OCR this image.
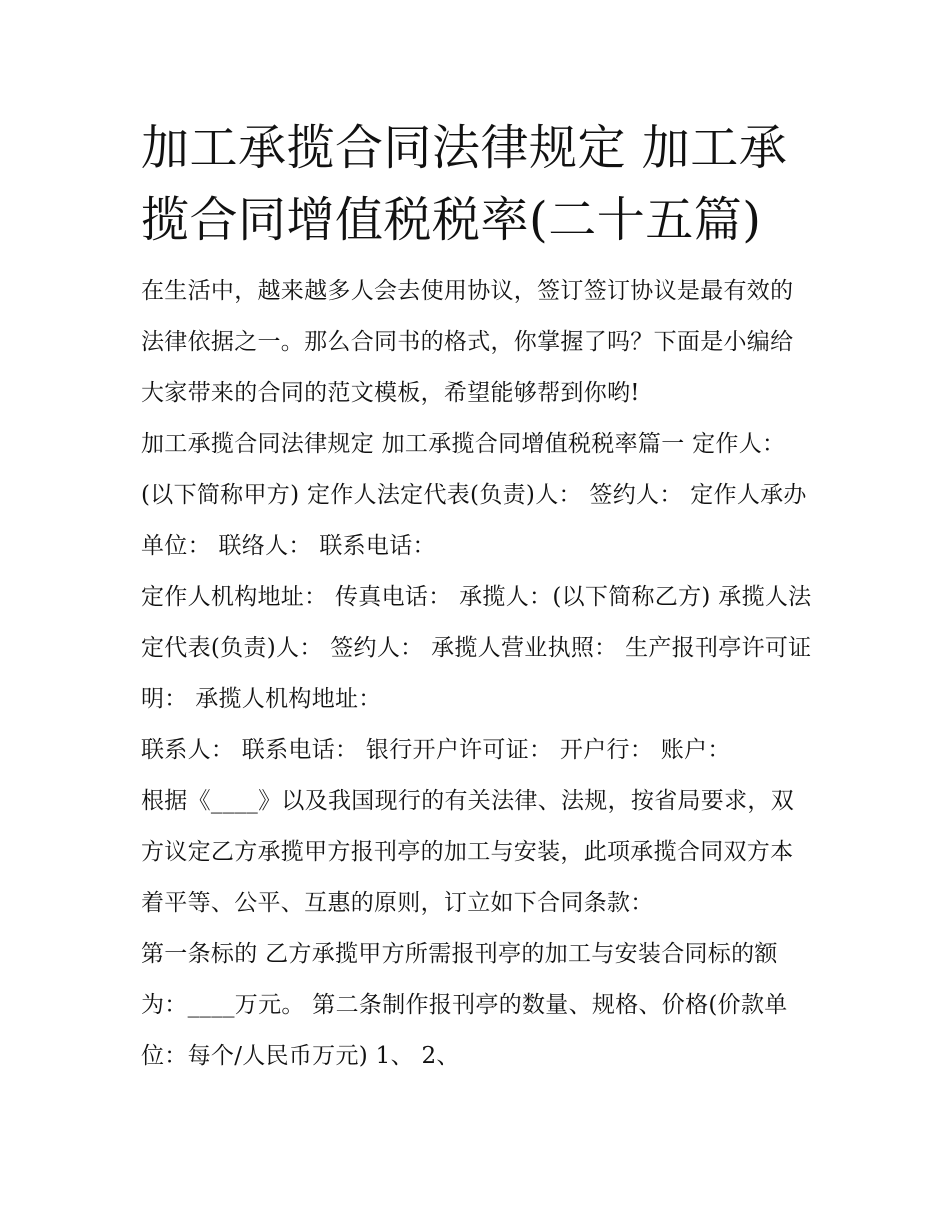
加工承揽合同法律规定 加工承揽合同增值税税率(二十五篇)

在生活中，越来越多人会去使用协议，签订签订协议是最有效的法律依据之一。那么合同书的格式，你掌握了吗？下面是小编给大家带来的合同的范文模板，希望能够帮到你哟!

加工承揽合同法律规定 加工承揽合同增值税税率篇一 定作人：(以下简称甲方) 定作人法定代表(负责)人： 签约人： 定作人承办单位： 联络人： 联系电话：

定作人机构地址： 传真电话： 承揽人：(以下简称乙方) 承揽人法定代表(负责)人： 签约人： 承揽人营业执照： 生产报刊亭许可证明： 承揽人机构地址：

联系人： 联系电话： 银行开户许可证： 开户行： 账户：

根据《____》以及我国现行的有关法律、法规，按省局要求，双方议定乙方承揽甲方报刊亭的加工与安装，此项承揽合同双方本着平等、公平、互惠的原则，订立如下合同条款：

第一条标的 乙方承揽甲方所需报刊亭的加工与安装合同标的额为：____万元。 第二条制作报刊亭的数量、规格、价格(价款单位：每个/人民币万元) 1、 2、
